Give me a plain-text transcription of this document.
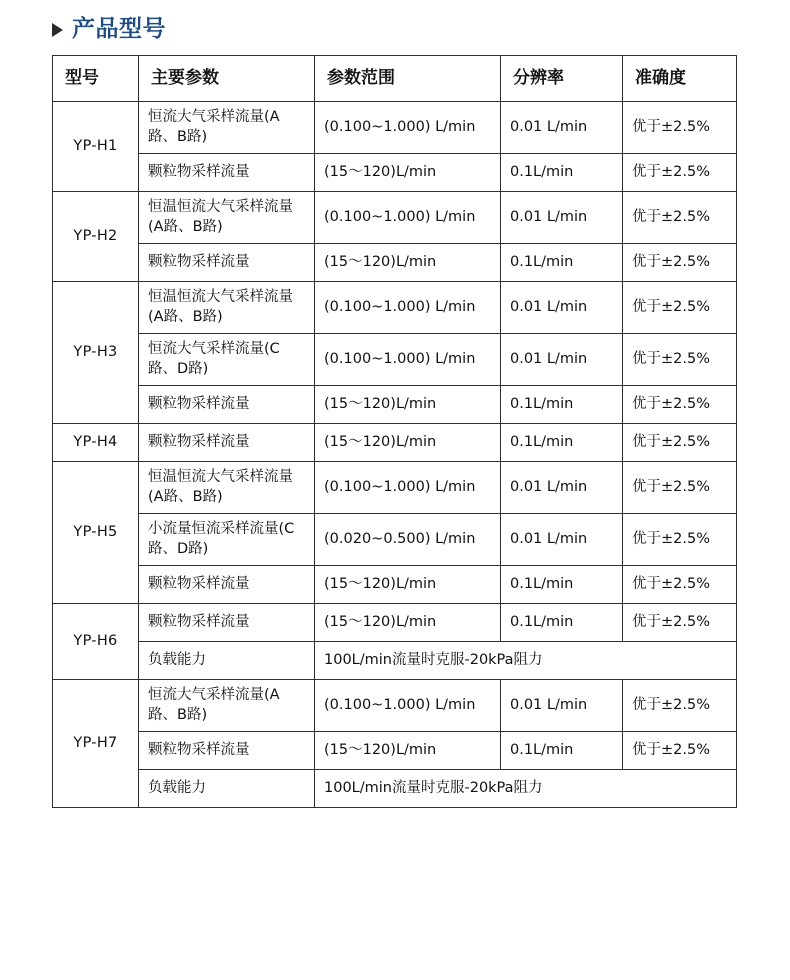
产品型号
型号	主要参数	参数范围	分辨率	准确度
YP-H1	恒流大气采样流量(A路、B路)	(0.100~1.000) L/min	0.01 L/min	优于±2.5%
	颗粒物采样流量	(15～120)L/min	0.1L/min	优于±2.5%
YP-H2	恒温恒流大气采样流量(A路、B路)	(0.100~1.000) L/min	0.01 L/min	优于±2.5%
	颗粒物采样流量	(15～120)L/min	0.1L/min	优于±2.5%
YP-H3	恒温恒流大气采样流量(A路、B路)	(0.100~1.000) L/min	0.01 L/min	优于±2.5%
	恒流大气采样流量(C路、D路)	(0.100~1.000) L/min	0.01 L/min	优于±2.5%
	颗粒物采样流量	(15～120)L/min	0.1L/min	优于±2.5%
YP-H4	颗粒物采样流量	(15～120)L/min	0.1L/min	优于±2.5%
YP-H5	恒温恒流大气采样流量(A路、B路)	(0.100~1.000) L/min	0.01 L/min	优于±2.5%
	小流量恒流采样流量(C路、D路)	(0.020~0.500) L/min	0.01 L/min	优于±2.5%
	颗粒物采样流量	(15～120)L/min	0.1L/min	优于±2.5%
YP-H6	颗粒物采样流量	(15～120)L/min	0.1L/min	优于±2.5%
	负载能力	100L/min流量时克服-20kPa阻力		
YP-H7	恒流大气采样流量(A路、B路)	(0.100~1.000) L/min	0.01 L/min	优于±2.5%
	颗粒物采样流量	(15～120)L/min	0.1L/min	优于±2.5%
	负载能力	100L/min流量时克服-20kPa阻力		
